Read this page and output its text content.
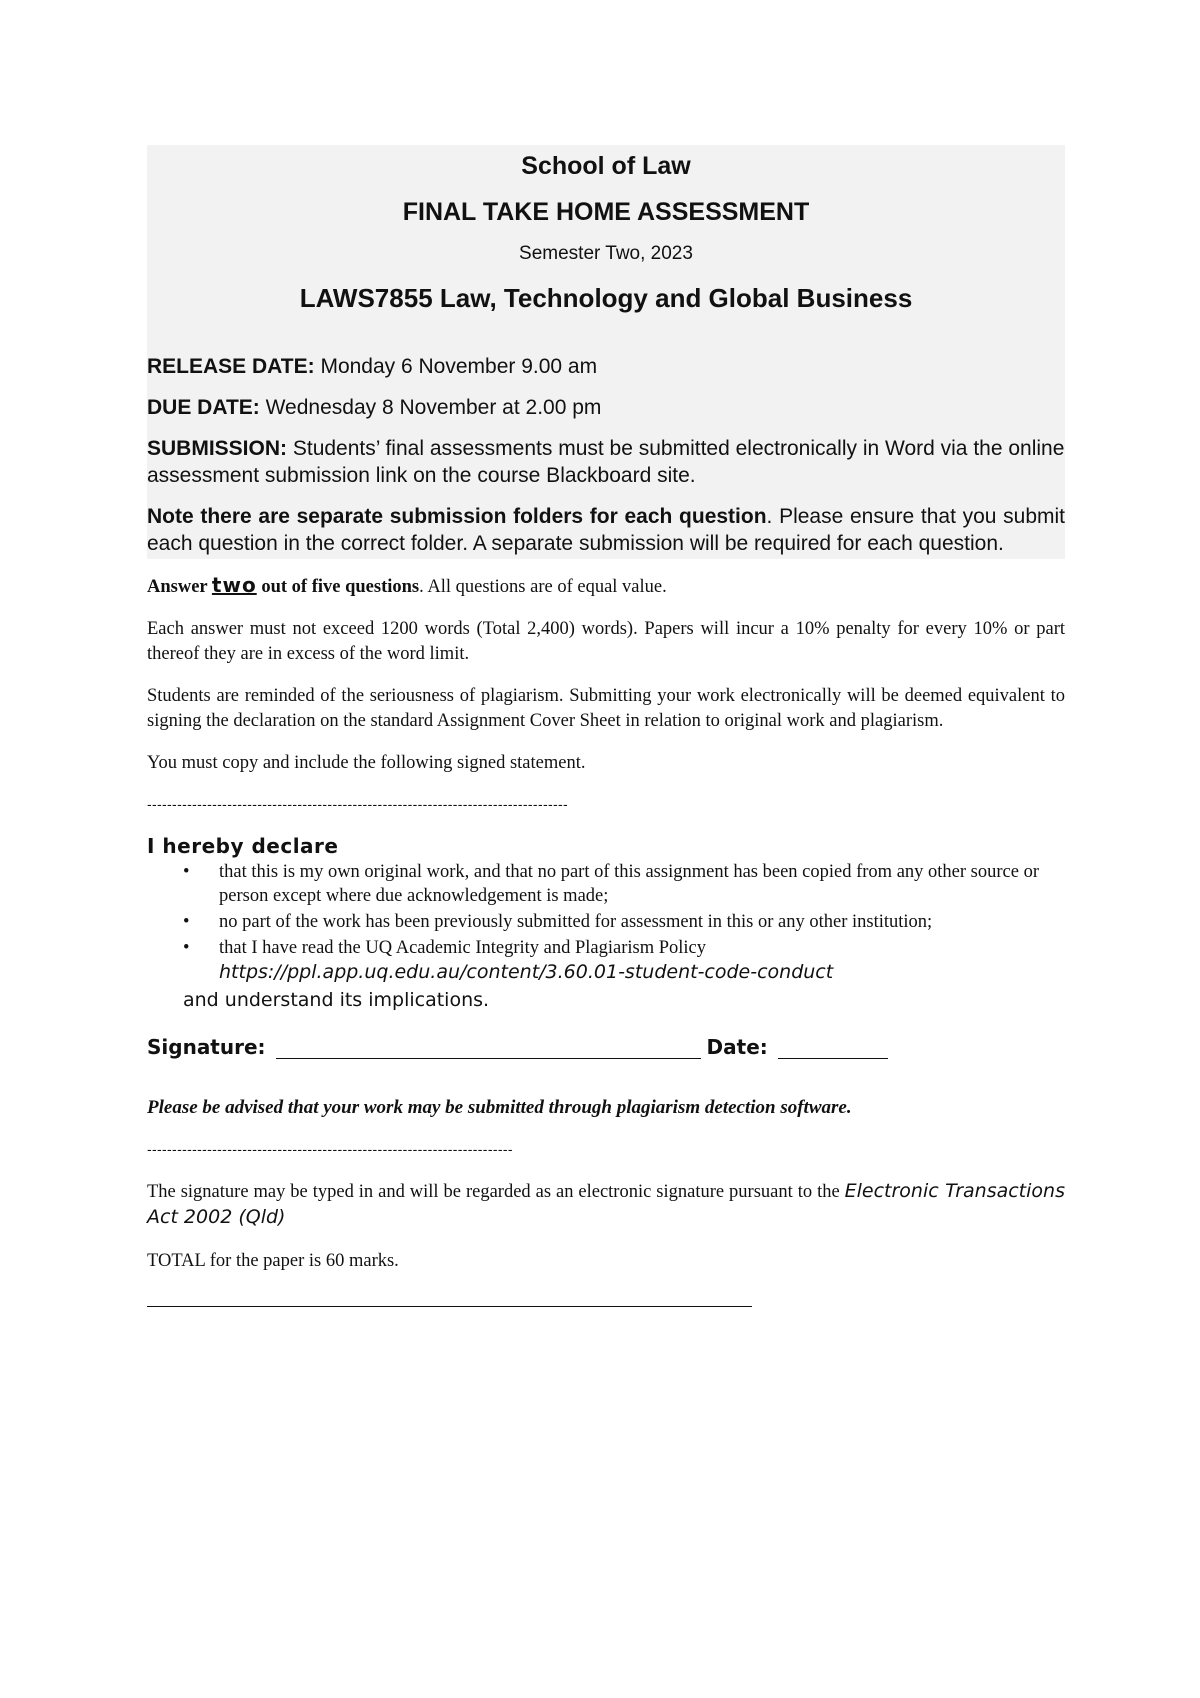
School of Law

FINAL TAKE HOME ASSESSMENT

Semester Two, 2023

LAWS7855 Law, Technology and Global Business

RELEASE DATE: Monday 6 November 9.00 am

DUE DATE: Wednesday 8 November at 2.00 pm

SUBMISSION: Students’ final assessments must be submitted electronically in Word via the online assessment submission link on the course Blackboard site.

Note there are separate submission folders for each question. Please ensure that you submit each question in the correct folder. A separate submission will be required for each question.

Answer two out of five questions. All questions are of equal value.

Each answer must not exceed 1200 words (Total 2,400) words). Papers will incur a 10% penalty for every 10% or part thereof they are in excess of the word limit.

Students are reminded of the seriousness of plagiarism. Submitting your work electronically will be deemed equivalent to signing the declaration on the standard Assignment Cover Sheet in relation to original work and plagiarism.

You must copy and include the following signed statement.

------------------------------------------------------------------------------------

I hereby declare

• that this is my own original work, and that no part of this assignment has been copied from any other source or person except where due acknowledgement is made;
• no part of the work has been previously submitted for assessment in this or any other institution;
• that I have read the UQ Academic Integrity and Plagiarism Policy https://ppl.app.uq.edu.au/content/3.60.01-student-code-conduct

and understand its implications.

Signature:	Date:

Please be advised that your work may be submitted through plagiarism detection software.

-------------------------------------------------------------------------

The signature may be typed in and will be regarded as an electronic signature pursuant to the Electronic Transactions Act 2002 (Qld)

TOTAL for the paper is 60 marks.
